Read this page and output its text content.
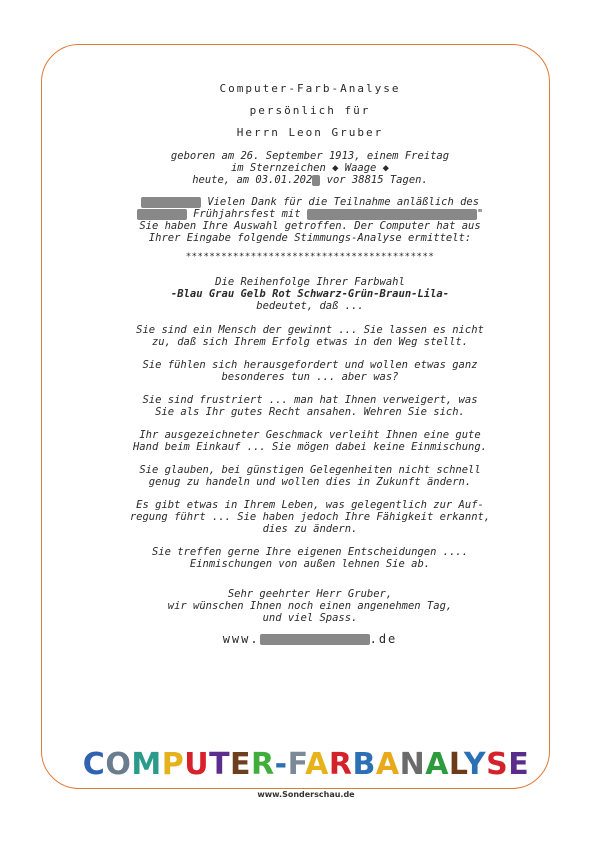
Computer-Farb-Analyse
persönlich für
Herrn Leon Gruber

geboren am 26. September 1913, einem Freitag

im Sternzeichen ◆ Waage ◆

heute, am 03.01.202 vor 38815 Tagen.

Vielen Dank für die Teilnahme anläßlich des

Frühjahrsfest mit	"

Sie haben Ihre Auswahl getroffen. Der Computer hat aus

Ihrer Eingabe folgende Stimmungs-Analyse ermittelt:

******************************************

Die Reihenfolge Ihrer Farbwahl

-Blau Grau Gelb Rot Schwarz-Grün-Braun-Lila-

bedeutet, daß ...

Sie sind ein Mensch der gewinnt ... Sie lassen es nicht

zu, daß sich Ihrem Erfolg etwas in den Weg stellt.

Sie fühlen sich herausgefordert und wollen etwas ganz

besonderes tun ... aber was?

Sie sind frustriert ... man hat Ihnen verweigert, was

Sie als Ihr gutes Recht ansahen. Wehren Sie sich.

Ihr ausgezeichneter Geschmack verleiht Ihnen eine gute

Hand beim Einkauf ... Sie mögen dabei keine Einmischung.

Sie glauben, bei günstigen Gelegenheiten nicht schnell

genug zu handeln und wollen dies in Zukunft ändern.

Es gibt etwas in Ihrem Leben, was gelegentlich zur Auf-

regung führt ... Sie haben jedoch Ihre Fähigkeit erkannt,

dies zu ändern.

Sie treffen gerne Ihre eigenen Entscheidungen ....

Einmischungen von außen lehnen Sie ab.

Sehr geehrter Herr Gruber,

wir wünschen Ihnen noch einen angenehmen Tag,

und viel Spass.

www.	.de
COMPUTER-FARBANALYSE
www.Sonderschau.de
